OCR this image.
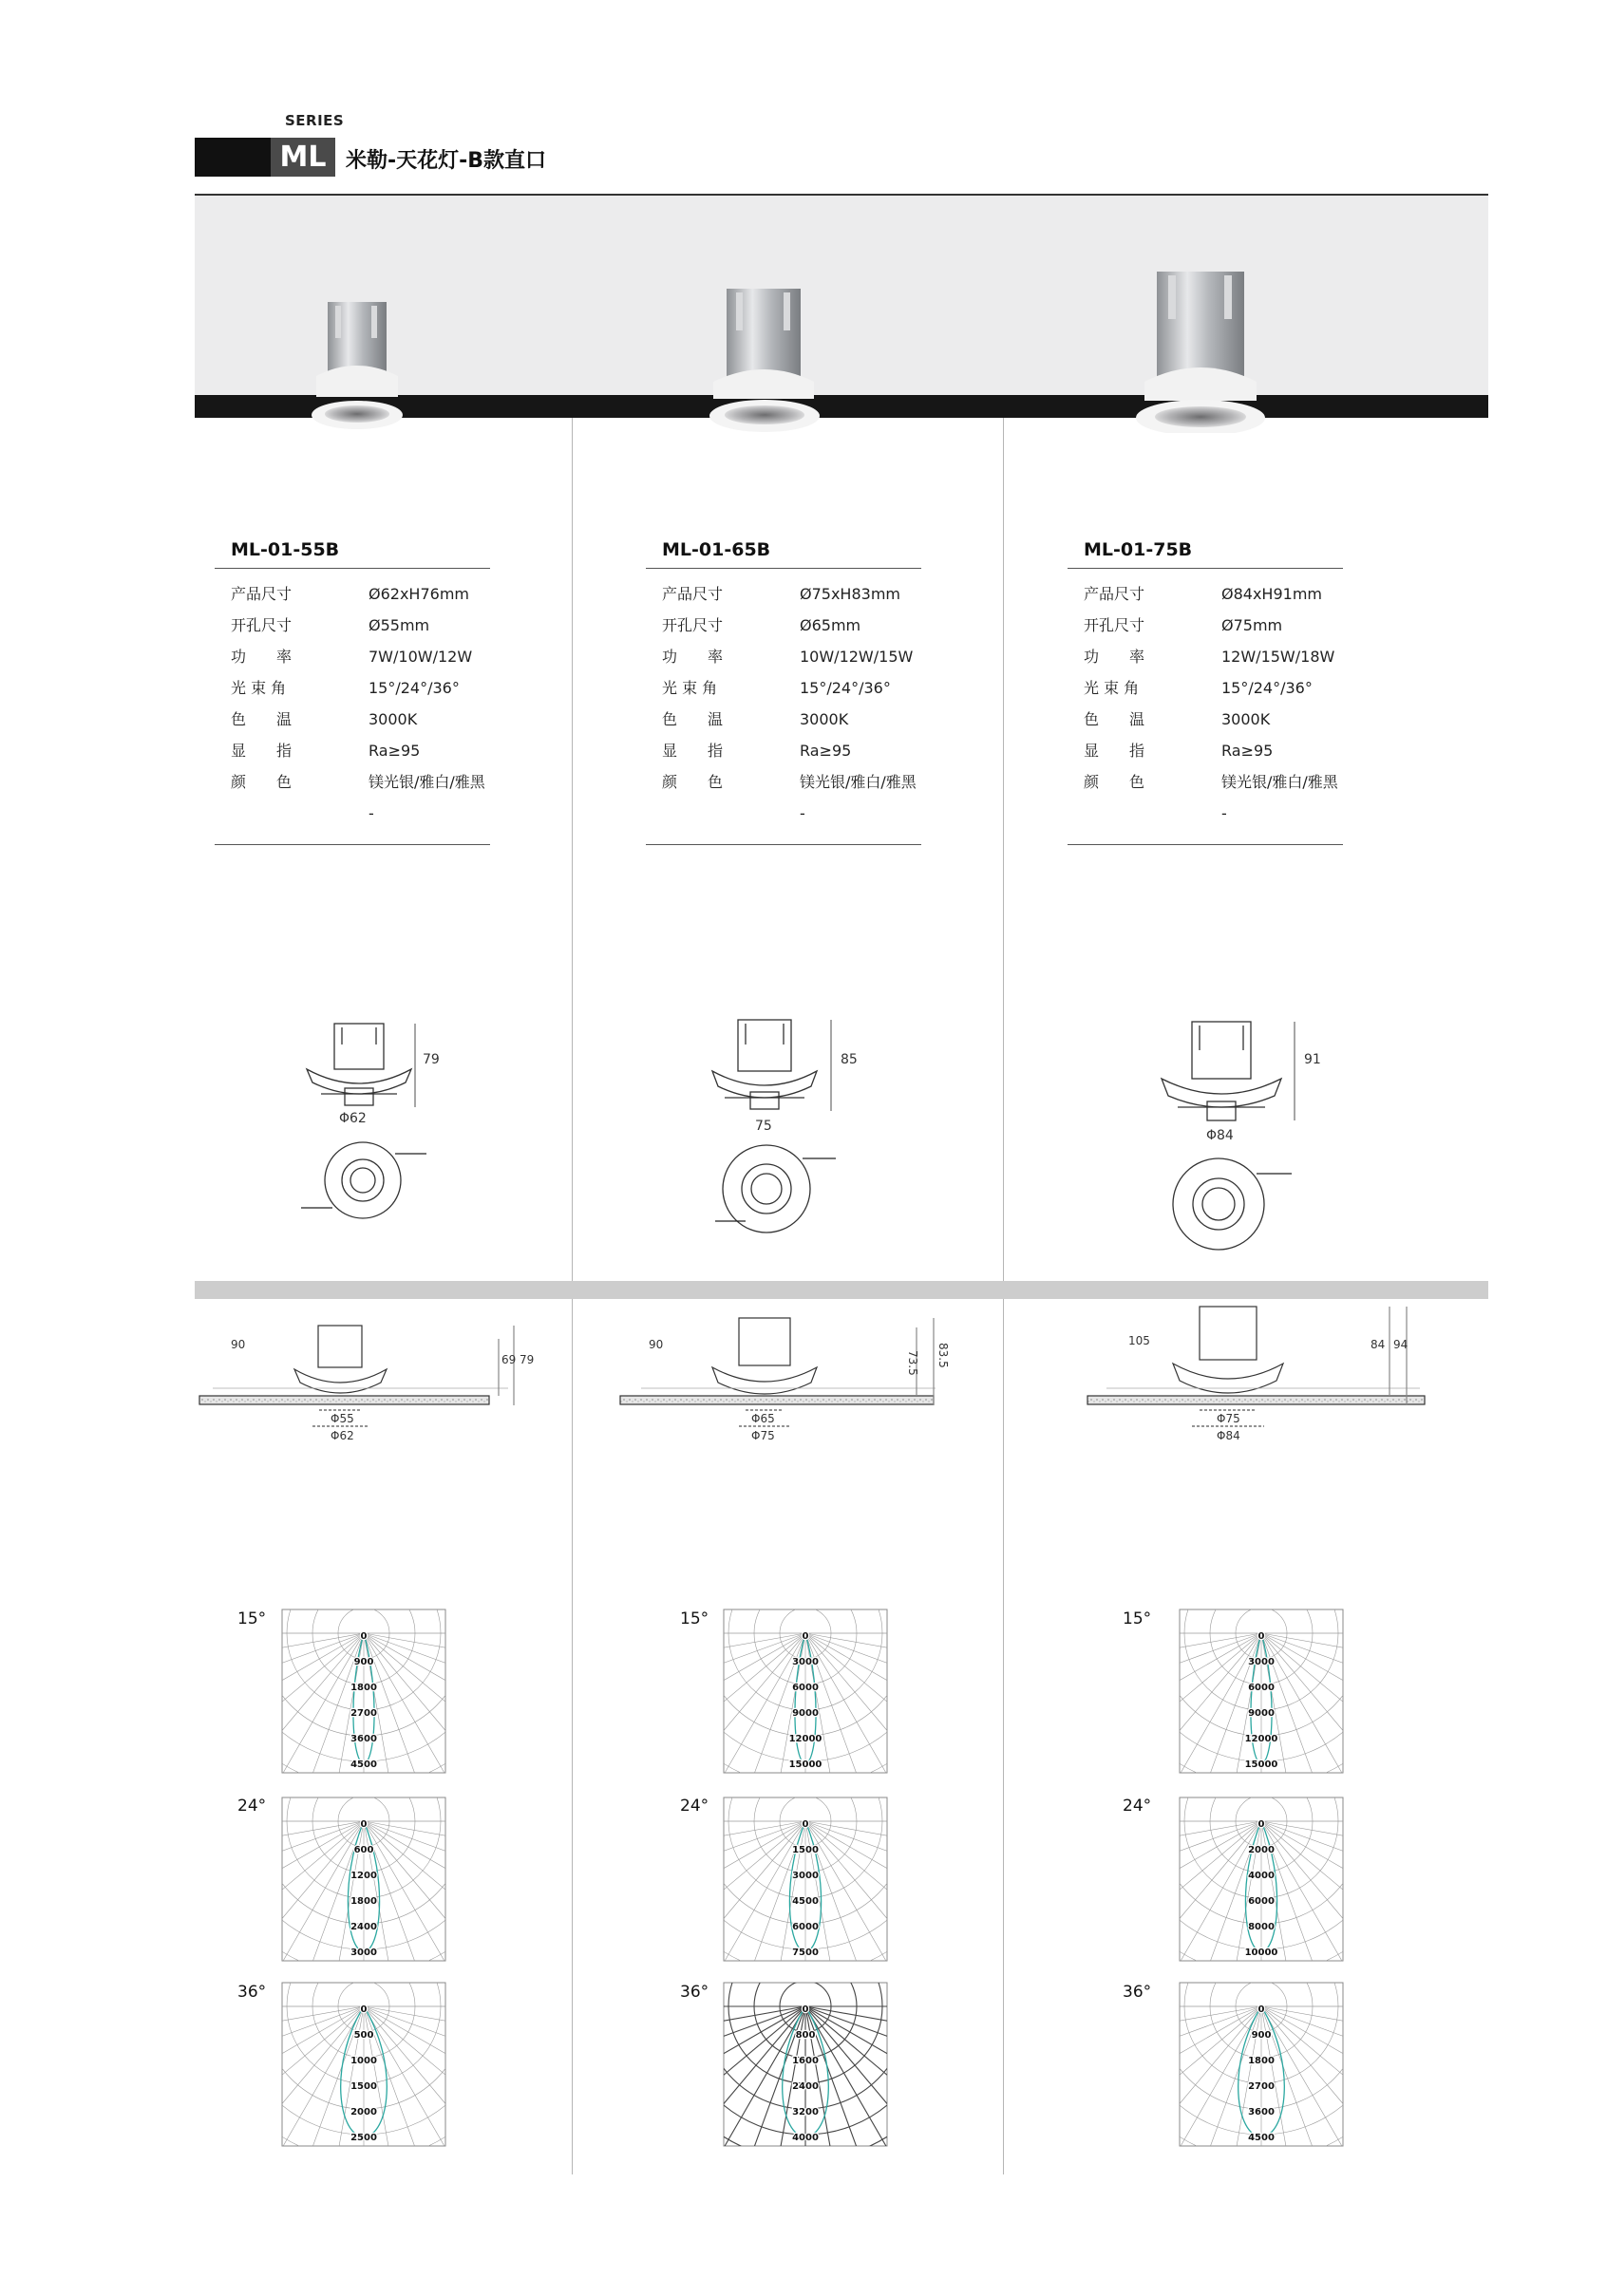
SERIES
ML 米勒-天花灯-B款直口
ML-01-55B
产品尺寸	Ø62xH76mm
开孔尺寸	Ø55mm
功　　率	7W/10W/12W
光 束 角	15°/24°/36°
色　　温	3000K
显　　指	Ra≥95
颜　　色	镁光银/雅白/雅黑
-
ML-01-65B
产品尺寸	Ø75xH83mm
开孔尺寸	Ø65mm
功　　率	10W/12W/15W
光 束 角	15°/24°/36°
色　　温	3000K
显　　指	Ra≥95
颜　　色	镁光银/雅白/雅黑
-
ML-01-75B
产品尺寸	Ø84xH91mm
开孔尺寸	Ø75mm
功　　率	12W/15W/18W
光 束 角	15°/24°/36°
色　　温	3000K
显　　指	Ra≥95
颜　　色	镁光银/雅白/雅黑
-
79
Φ62
85
75
91
Φ84
90
69 79
Φ55
Φ62
90
73.5 83.5
Φ65
Φ75
105	84 94
Φ75
Φ84
15°
24°
36°
15°
24°
36°
15°
24°
36°
0
900
1800
2700
3600
4500
0
600
1200
1800
2400
3000
0
500
1000
1500
2000
2500
0
3000
6000
9000
12000
15000
0
1500
3000
4500
6000
7500
0
800
1600
2400
3200
4000
0
3000
6000
9000
12000
15000
0
2000
4000
6000
8000
10000
0
900
1800
2700
3600
4500
